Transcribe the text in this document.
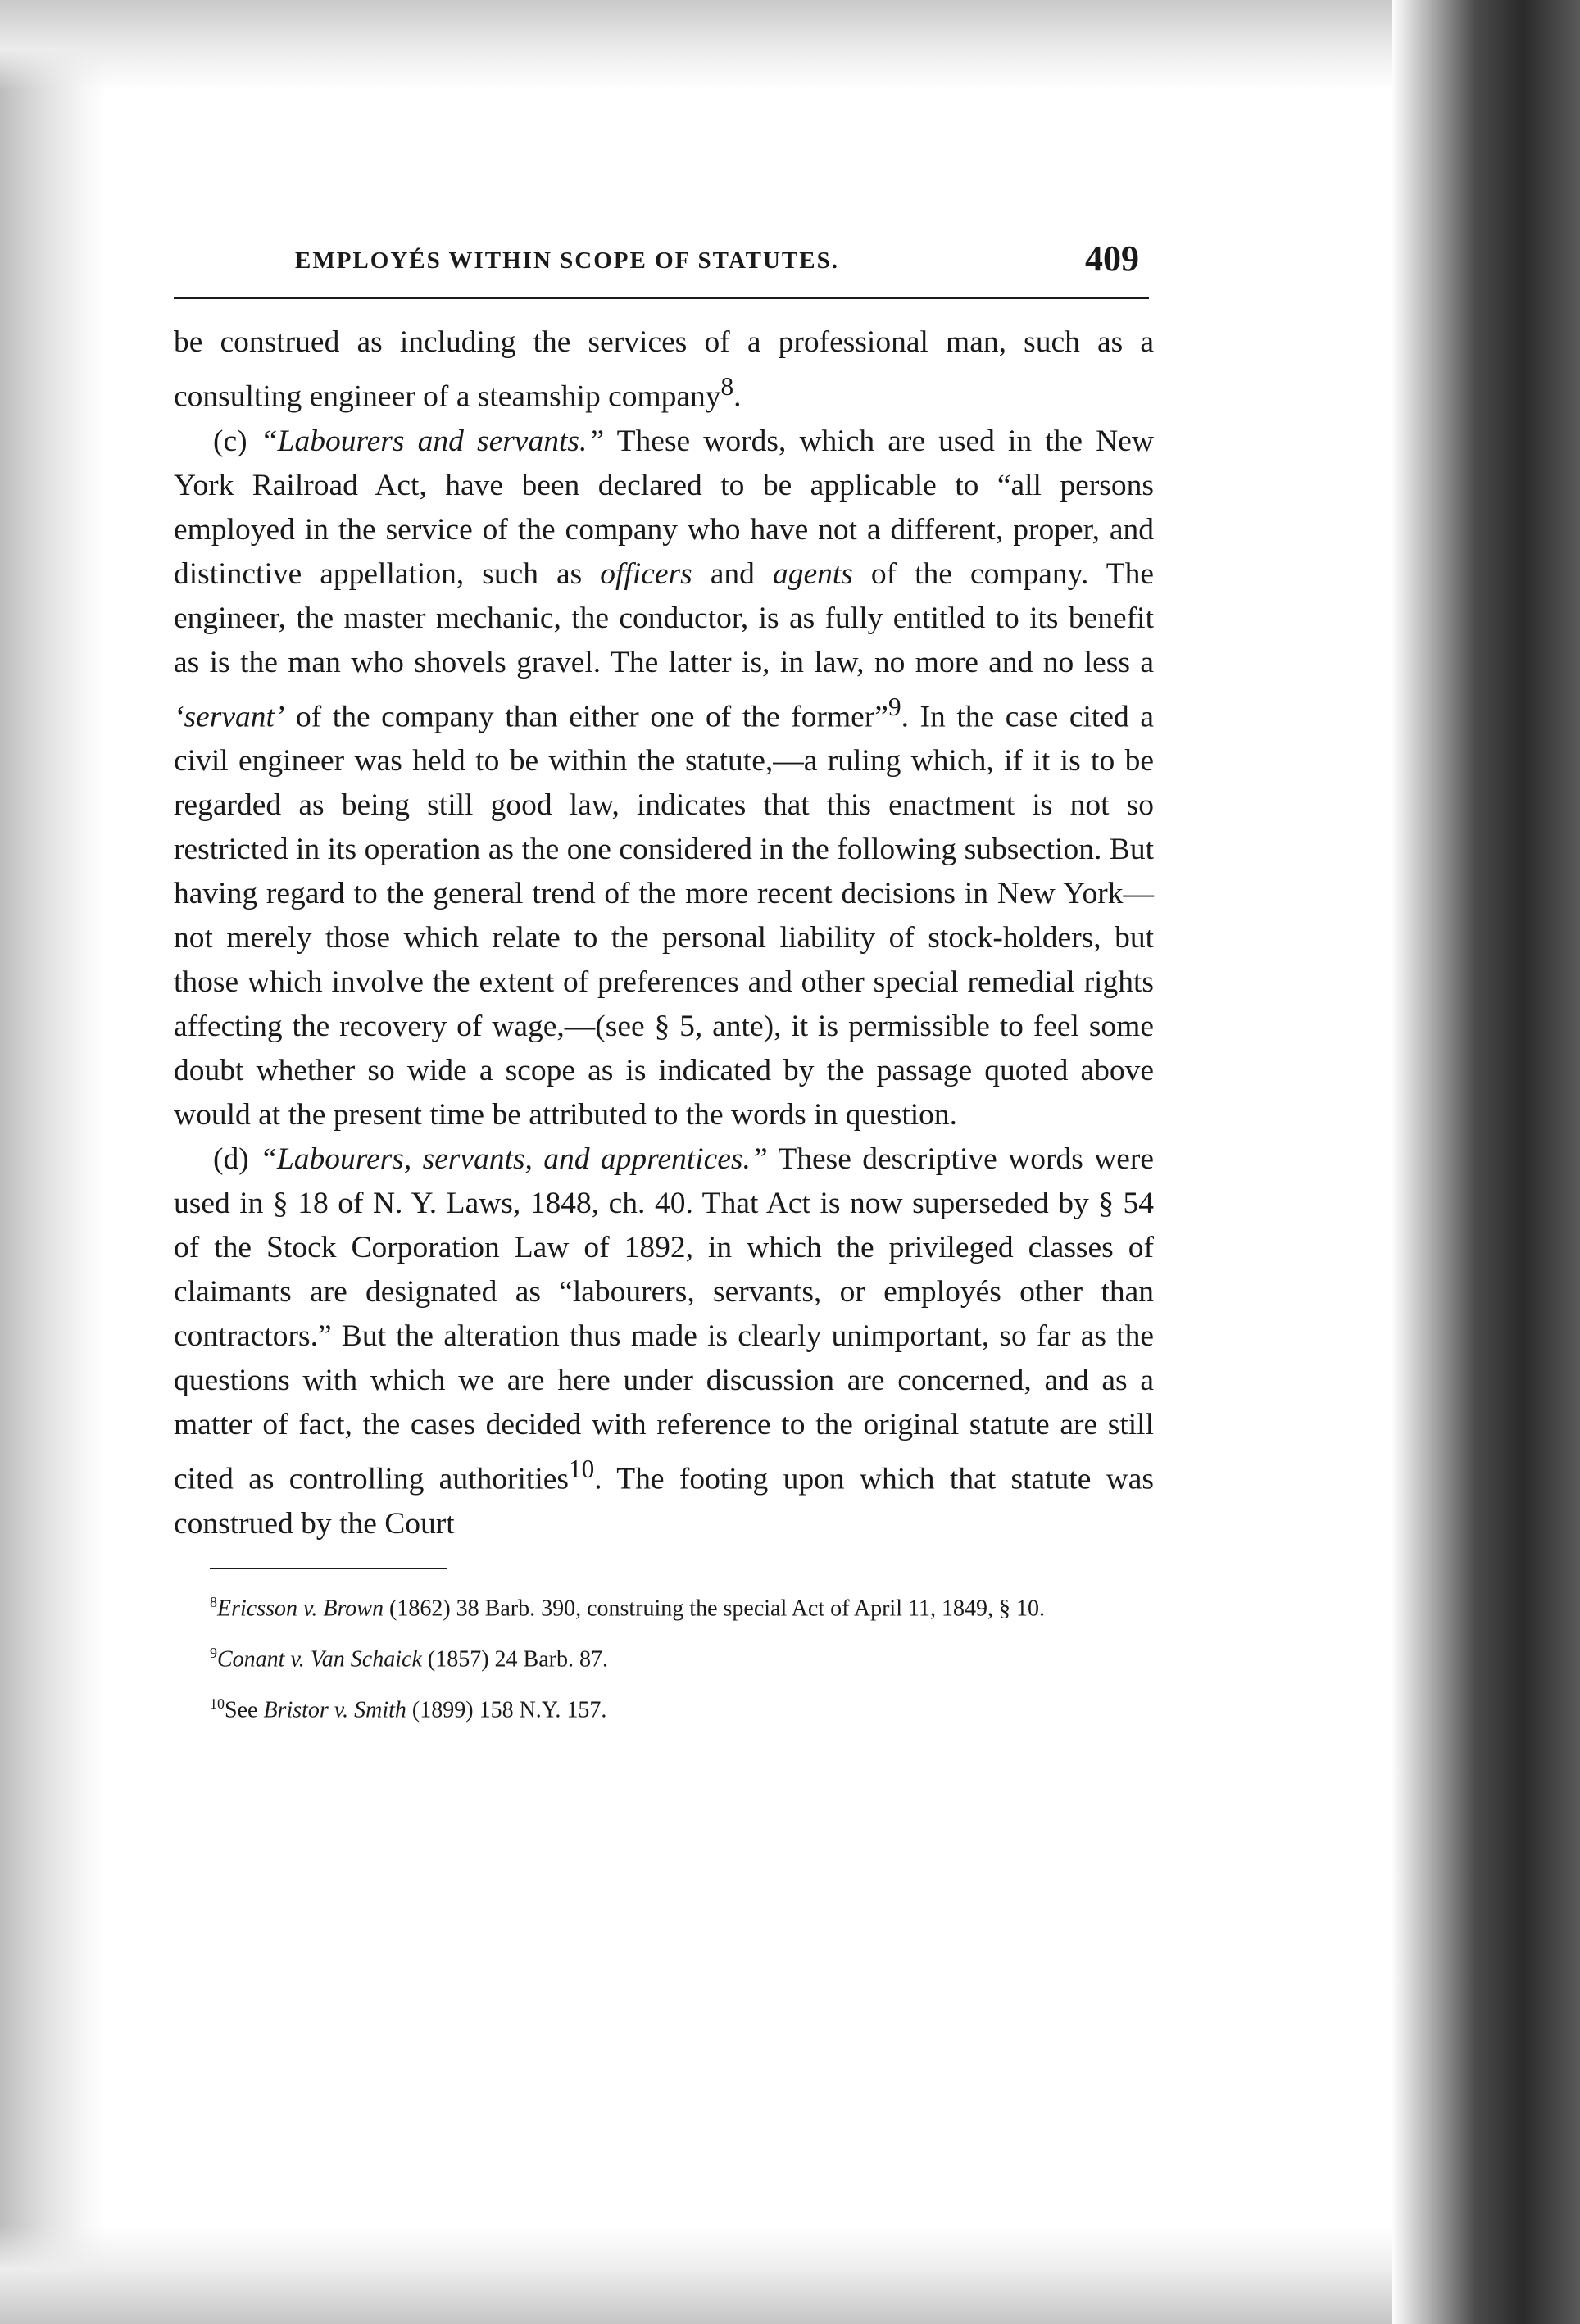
EMPLOYÉS WITHIN SCOPE OF STATUTES.	409

be construed as including the services of a professional man, such as a consulting engineer of a steamship company$^8$.

(c) “Labourers and servants.” These words, which are used in the New York Railroad Act, have been declared to be applicable to “all persons employed in the service of the company who have not a different, proper, and distinctive appellation, such as officers and agents of the company. The engineer, the master mechanic, the conductor, is as fully entitled to its benefit as is the man who shovels gravel. The latter is, in law, no more and no less a ‘servant’ of the company than either one of the former”$^9$. In the case cited a civil engineer was held to be within the statute,—a ruling which, if it is to be regarded as being still good law, indicates that this enactment is not so restricted in its operation as the one considered in the following subsection. But having regard to the general trend of the more recent decisions in New York—not merely those which relate to the personal liability of stock-holders, but those which involve the extent of preferences and other special remedial rights affecting the recovery of wage,—(see § 5, ante), it is permissible to feel some doubt whether so wide a scope as is indicated by the passage quoted above would at the present time be attributed to the words in question.

(d) “Labourers, servants, and apprentices.” These descriptive words were used in § 18 of N. Y. Laws, 1848, ch. 40. That Act is now superseded by § 54 of the Stock Corporation Law of 1892, in which the privileged classes of claimants are designated as “labourers, servants, or employés other than contractors.” But the alteration thus made is clearly unimportant, so far as the questions with which we are here under discussion are concerned, and as a matter of fact, the cases decided with reference to the original statute are still cited as controlling authorities$^{10}$. The footing upon which that statute was construed by the Court

$^8$Ericsson v. Brown (1862) 38 Barb. 390, construing the special Act of April 11, 1849, § 10.

$^9$Conant v. Van Schaick (1857) 24 Barb. 87.

$^{10}$See Bristor v. Smith (1899) 158 N.Y. 157.
